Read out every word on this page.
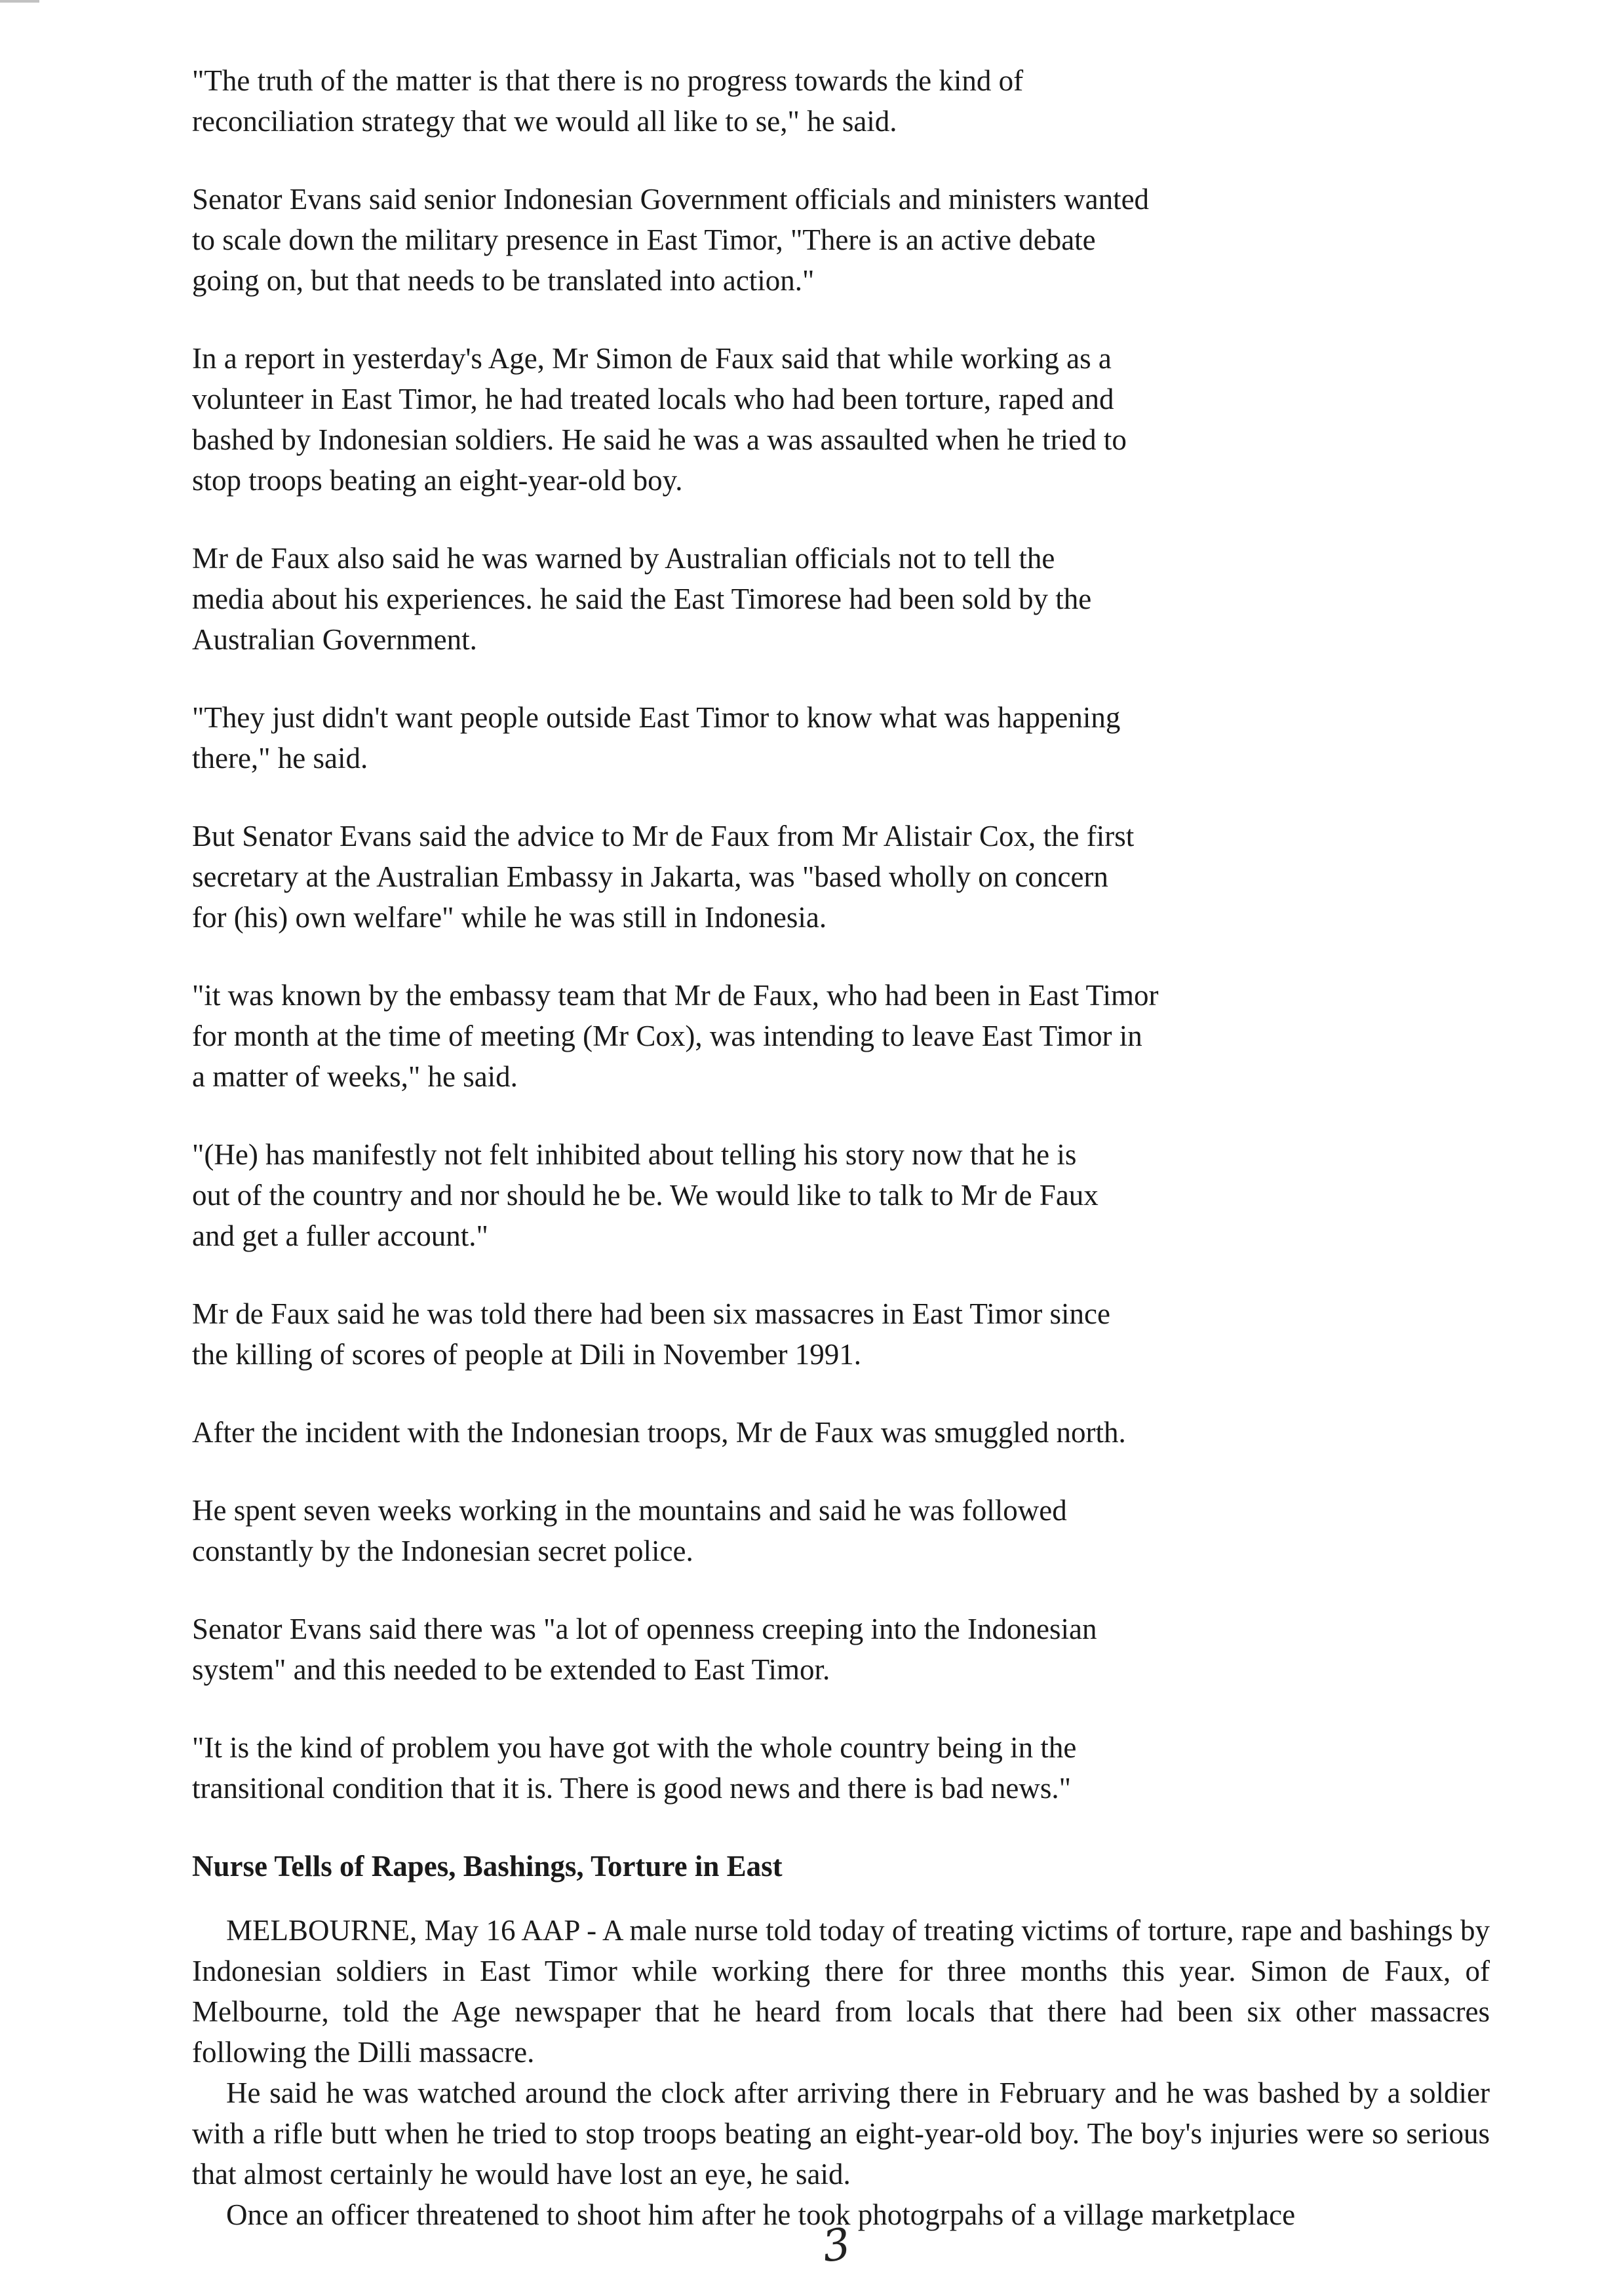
"The truth of the matter is that there is no progress towards the kind of
reconciliation strategy that we would all like to se," he said.
Senator Evans said senior Indonesian Government officials and ministers wanted
to scale down the military presence in East Timor, "There is an active debate
going on, but that needs to be translated into action."
In a report in yesterday's Age, Mr Simon de Faux said that while working as a
volunteer in East Timor, he had treated locals who had been torture, raped and
bashed by Indonesian soldiers. He said he was a was assaulted when he tried to
stop troops beating an eight-year-old boy.
Mr de Faux also said he was warned by Australian officials not to tell the
media about his experiences. he said the East Timorese had been sold by the
Australian Government.
"They just didn't want people outside East Timor to know what was happening
there," he said.
But Senator Evans said the advice to Mr de Faux from Mr Alistair Cox, the first
secretary at the Australian Embassy in Jakarta, was "based wholly on concern
for (his) own welfare" while he was still in Indonesia.
"it was known by the embassy team that Mr de Faux, who had been in East Timor
for month at the time of meeting (Mr Cox), was intending to leave East Timor in
a matter of weeks," he said.
"(He) has manifestly not felt inhibited about telling his story now that he is
out of the country and nor should he be. We would like to talk to Mr de Faux
and get a fuller account."
Mr de Faux said he was told there had been six massacres in East Timor since
the killing of scores of people at Dili in November 1991.
After the incident with the Indonesian troops, Mr de Faux was smuggled north.
He spent seven weeks working in the mountains and said he was followed
constantly by the Indonesian secret police.
Senator Evans said there was "a lot of openness creeping into the Indonesian
system" and this needed to be extended to East Timor.
"It is the kind of problem you have got with the whole country being in the
transitional condition that it is. There is good news and there is bad news."
Nurse Tells of Rapes, Bashings, Torture in East

MELBOURNE, May 16 AAP - A male nurse told today of treating victims of torture, rape and bashings by Indonesian soldiers in East Timor while working there for three months this year. Simon de Faux, of Melbourne, told the Age newspaper that he heard from locals that there had been six other massacres following the Dilli massacre.

He said he was watched around the clock after arriving there in February and he was bashed by a soldier with a rifle butt when he tried to stop troops beating an eight-year-old boy. The boy's injuries were so serious that almost certainly he would have lost an eye, he said.

Once an officer threatened to shoot him after he took photogrpahs of a village marketplace

3
